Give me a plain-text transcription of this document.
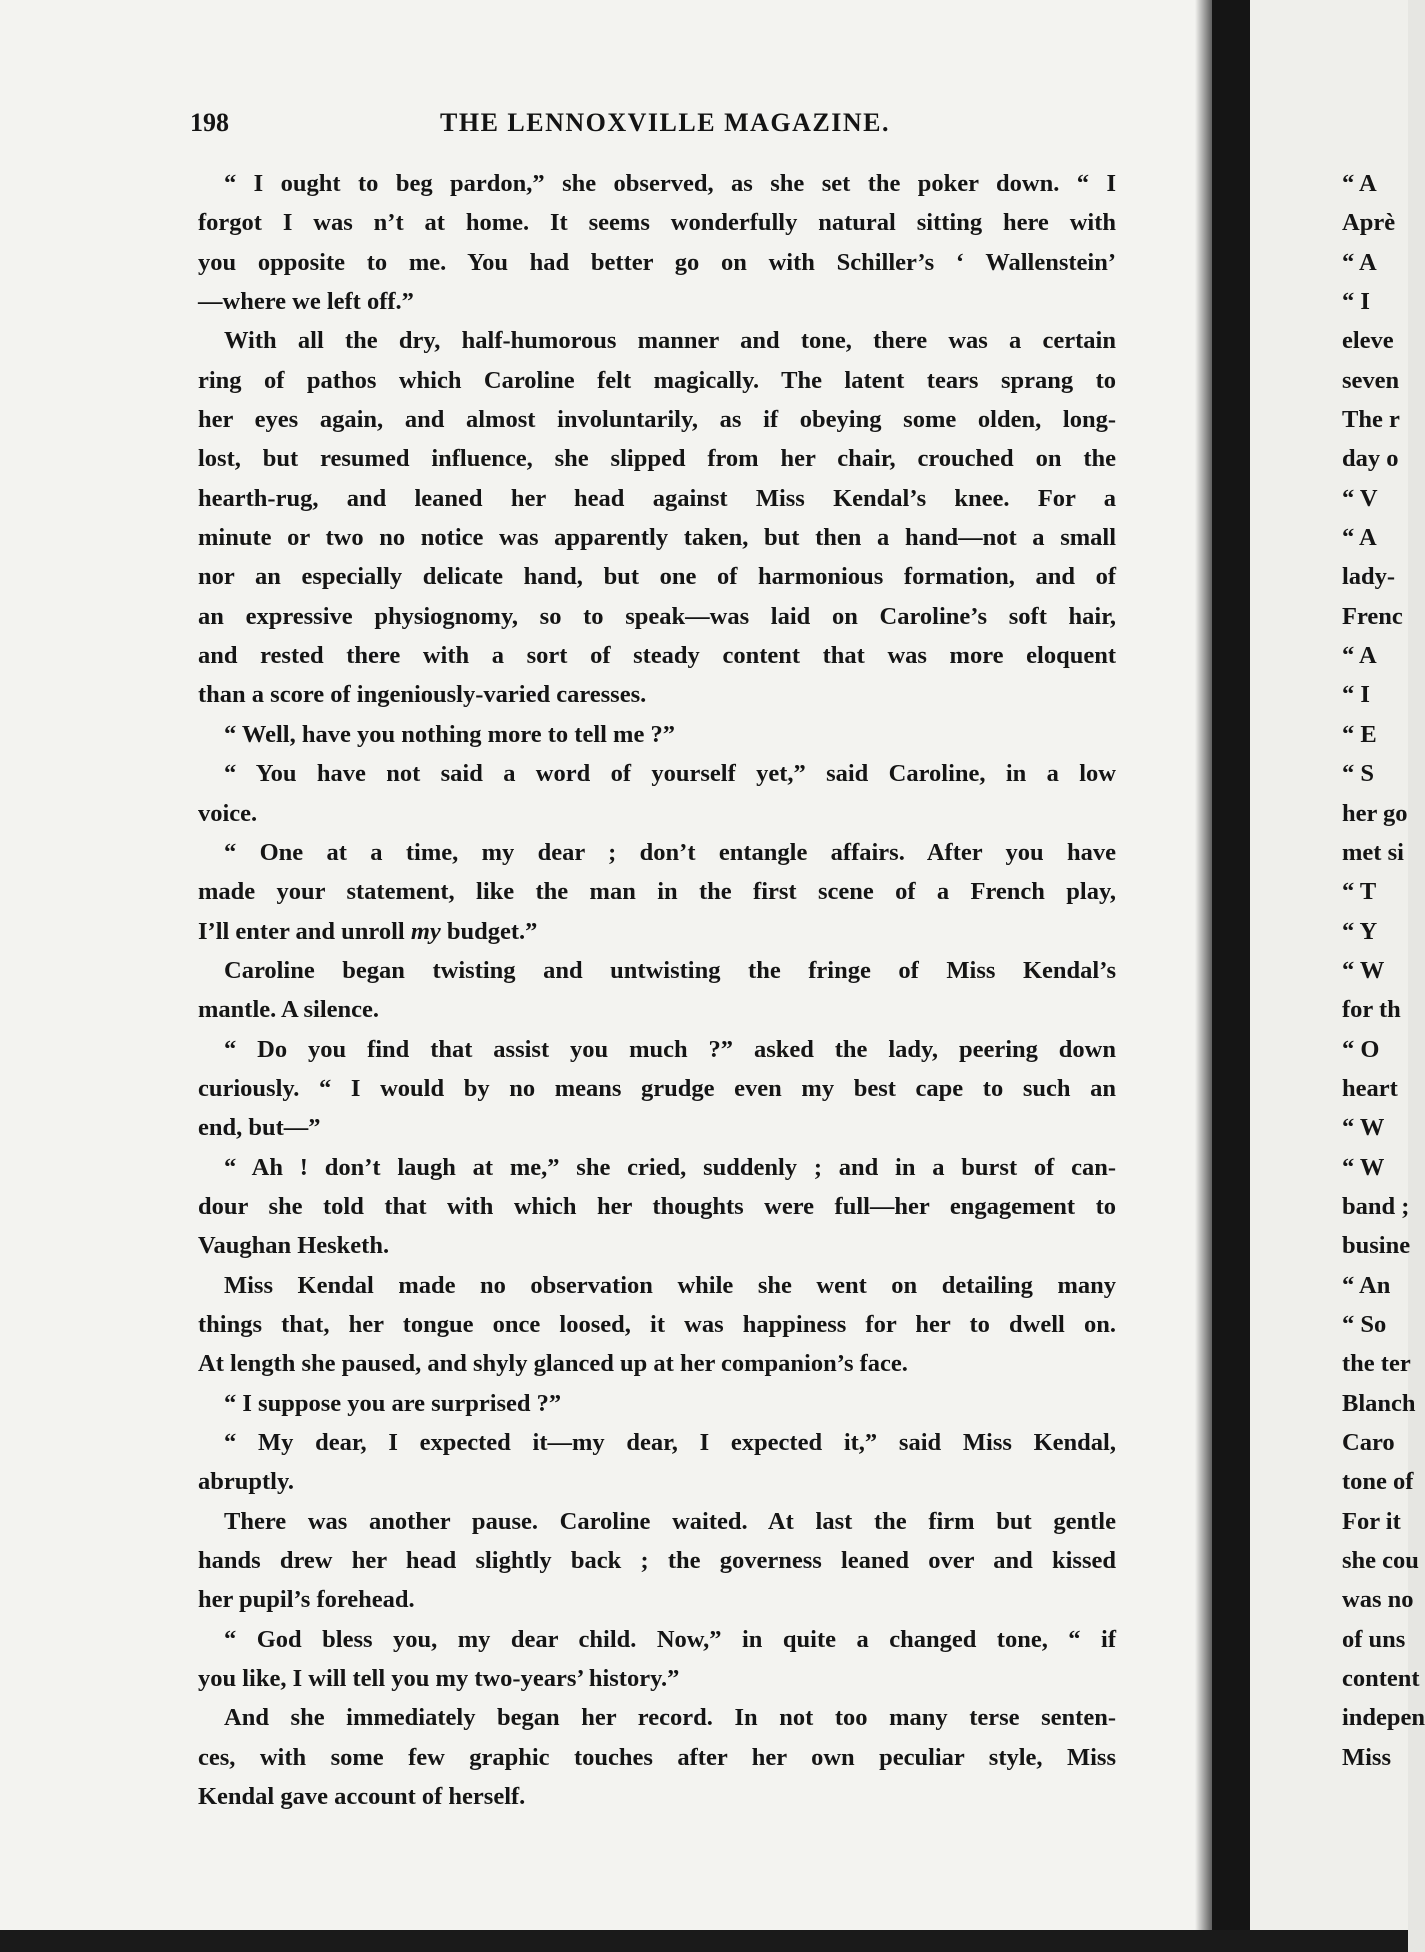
198	THE LENNOXVILLE MAGAZINE.
“ I ought to beg pardon,” she observed, as she set the poker down. “ I
forgot I was n’t at home. It seems wonderfully natural sitting here with
you opposite to me. You had better go on with Schiller’s ‘ Wallenstein’
—where we left off.”
With all the dry, half-humorous manner and tone, there was a certain
ring of pathos which Caroline felt magically. The latent tears sprang to
her eyes again, and almost involuntarily, as if obeying some olden, long-
lost, but resumed influence, she slipped from her chair, crouched on the
hearth-rug, and leaned her head against Miss Kendal’s knee. For a
minute or two no notice was apparently taken, but then a hand—not a small
nor an especially delicate hand, but one of harmonious formation, and of
an expressive physiognomy, so to speak—was laid on Caroline’s soft hair,
and rested there with a sort of steady content that was more eloquent
than a score of ingeniously-varied caresses.
“ Well, have you nothing more to tell me ?”
“ You have not said a word of yourself yet,” said Caroline, in a low
voice.
“ One at a time, my dear ; don’t entangle affairs. After you have
made your statement, like the man in the first scene of a French play,
I’ll enter and unroll my budget.”
Caroline began twisting and untwisting the fringe of Miss Kendal’s
mantle. A silence.
“ Do you find that assist you much ?” asked the lady, peering down
curiously. “ I would by no means grudge even my best cape to such an
end, but—”
“ Ah ! don’t laugh at me,” she cried, suddenly ; and in a burst of can-
dour she told that with which her thoughts were full—her engagement to
Vaughan Hesketh.
Miss Kendal made no observation while she went on detailing many
things that, her tongue once loosed, it was happiness for her to dwell on.
At length she paused, and shyly glanced up at her companion’s face.
“ I suppose you are surprised ?”
“ My dear, I expected it—my dear, I expected it,” said Miss Kendal,
abruptly.
There was another pause. Caroline waited. At last the firm but gentle
hands drew her head slightly back ; the governess leaned over and kissed
her pupil’s forehead.
“ God bless you, my dear child. Now,” in quite a changed tone, “ if
you like, I will tell you my two-years’ history.”
And she immediately began her record. In not too many terse senten-
ces, with some few graphic touches after her own peculiar style, Miss
Kendal gave account of herself.
“ A
Aprè
“ A
“ I
eleve
seven
The r
day o
“ V
“ A
lady-
Frenc
“ A
“ I
“ E
“ S
her go
met si
“ T
“ Y
“ W
for th
“ O
heart
“ W
“ W
band ;
busine
“ An
“ So
the ter
Blanch
Caro
tone of
For it
she cou
was no
of uns
content
indepen
Miss
